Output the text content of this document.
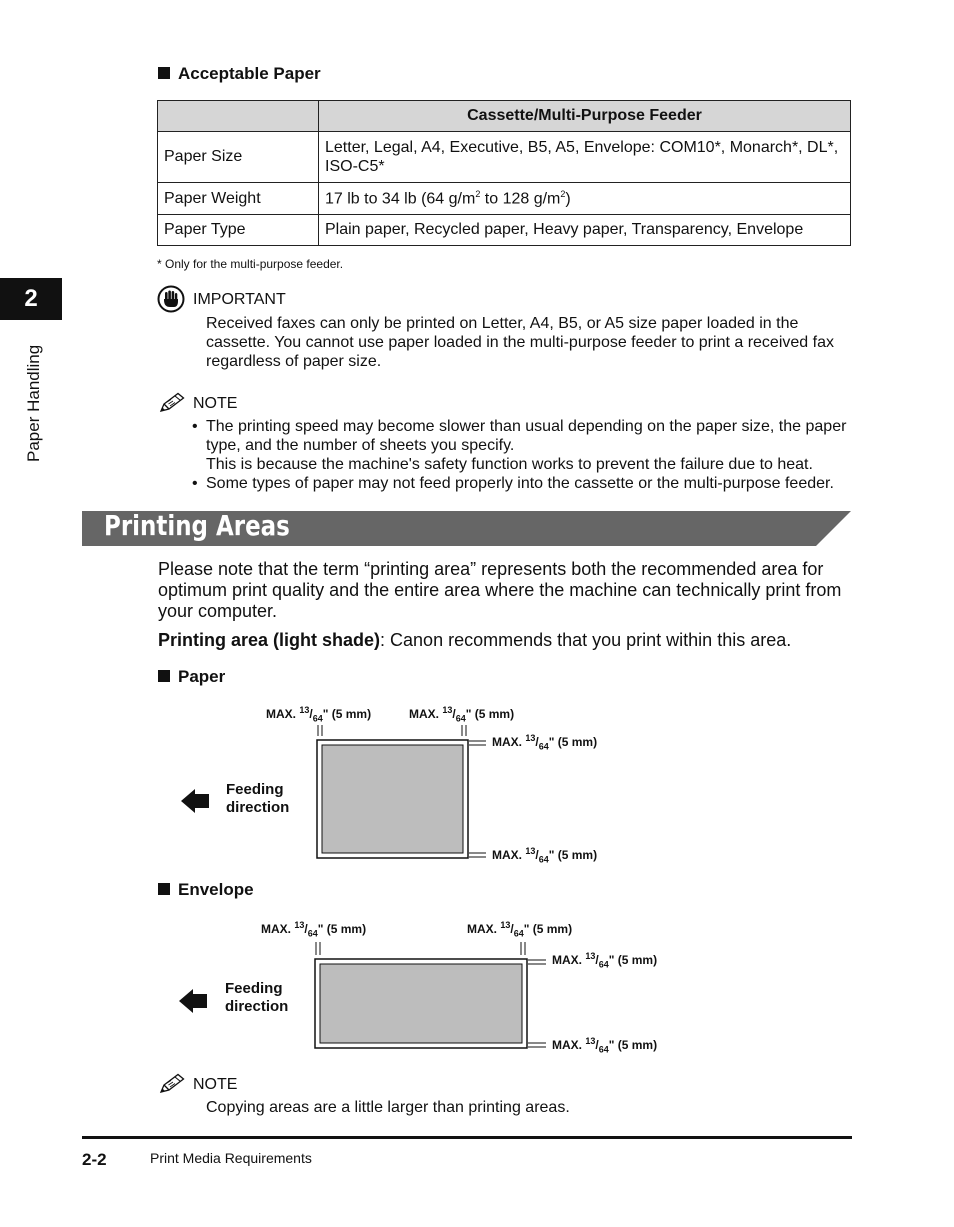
Acceptable Paper
	Cassette/Multi-Purpose Feeder
Paper Size	Letter, Legal, A4, Executive, B5, A5, Envelope: COM10*, Monarch*, DL*, ISO-C5*
Paper Weight	17 lb to 34 lb (64 $g/m^2$ to 128 $g/m^2$)
Paper Type	Plain paper, Recycled paper, Heavy paper, Transparency, Envelope
* Only for the multi-purpose feeder.
2
Paper Handling
IMPORTANT
Received faxes can only be printed on Letter, A4, B5, or A5 size paper loaded in the cassette. You cannot use paper loaded in the multi-purpose feeder to print a received fax regardless of paper size.
NOTE
• The printing speed may become slower than usual depending on the paper size, the paper type, and the number of sheets you specify.
This is because the machine's safety function works to prevent the failure due to heat.
• Some types of paper may not feed properly into the cassette or the multi-purpose feeder.
Printing Areas
Please note that the term “printing area” represents both the recommended area for optimum print quality and the entire area where the machine can technically print from your computer.
Printing area (light shade): Canon recommends that you print within this area.
Paper
MAX. $^{13}/_{64}$" (5 mm)	MAX. $^{13}/_{64}$" (5 mm)
MAX. $^{13}/_{64}$" (5 mm)
MAX. $^{13}/_{64}$" (5 mm)
Feeding
direction
Envelope
MAX. $^{13}/_{64}$" (5 mm)	MAX. $^{13}/_{64}$" (5 mm)
MAX. $^{13}/_{64}$" (5 mm)
MAX. $^{13}/_{64}$" (5 mm)
Feeding
direction
NOTE
Copying areas are a little larger than printing areas.
2-2	Print Media Requirements
